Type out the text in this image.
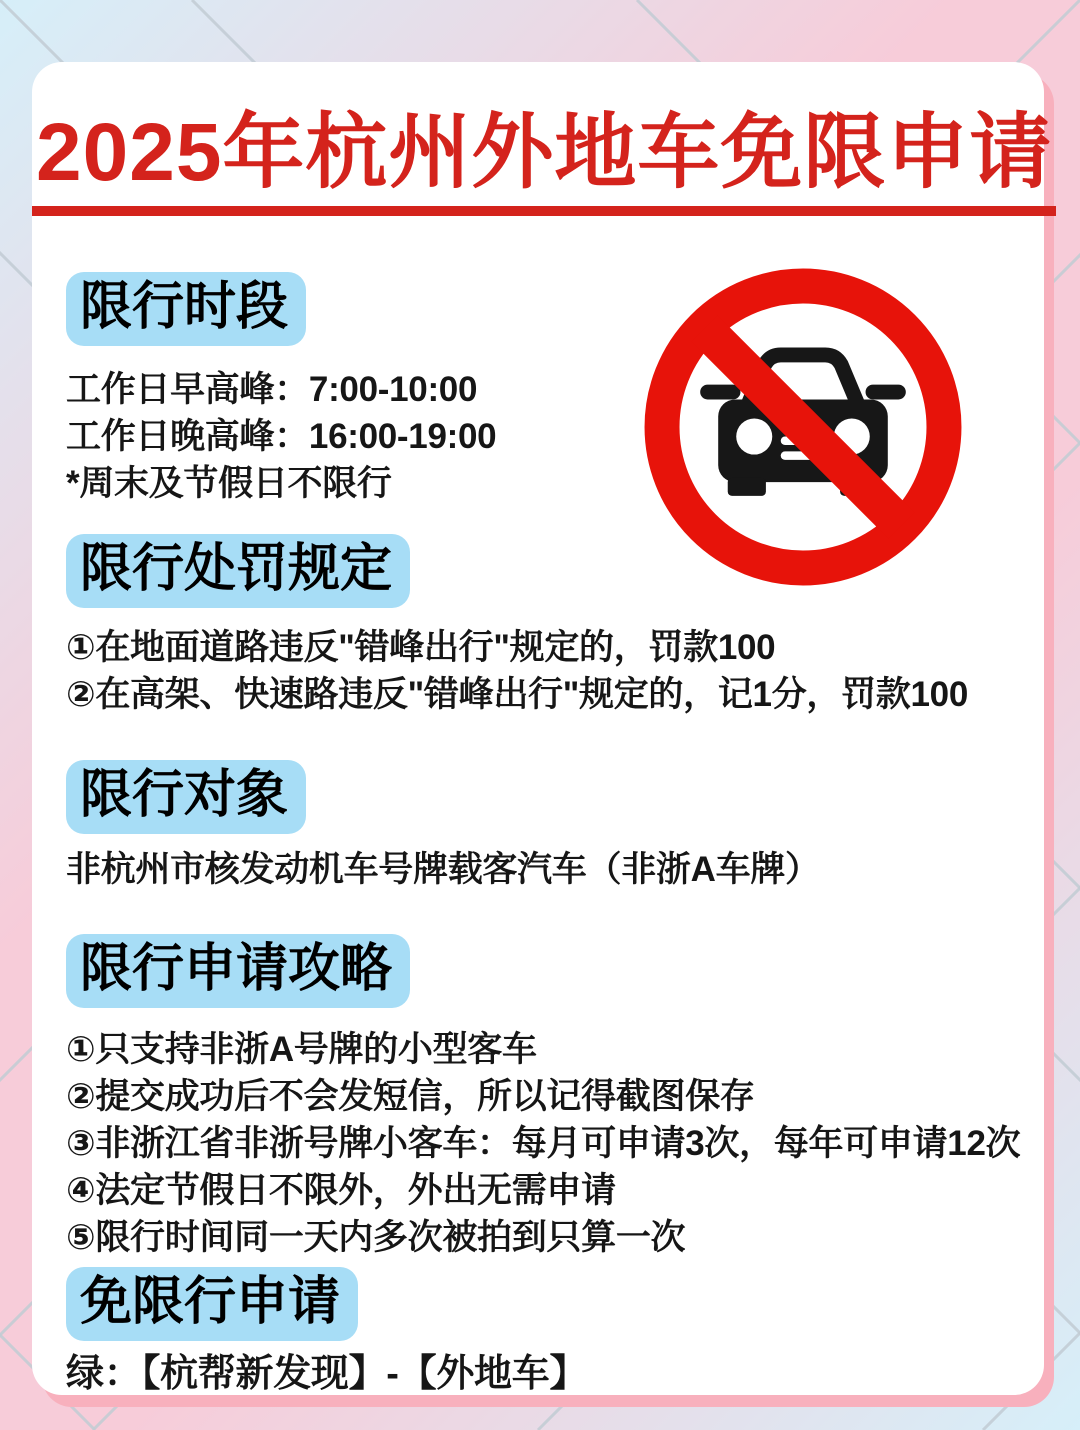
2025年杭州外地车免限申请
限行时段
工作日早高峰：7:00-10:00
工作日晚高峰：16:00-19:00
*周末及节假日不限行
限行处罚规定
①在地面道路违反"错峰出行"规定的，罚款100
②在高架、快速路违反"错峰出行"规定的，记1分，罚款100
限行对象
非杭州市核发动机车号牌载客汽车（非浙A车牌）
限行申请攻略
①只支持非浙A号牌的小型客车
②提交成功后不会发短信，所以记得截图保存
③非浙江省非浙号牌小客车：每月可申请3次，每年可申请12次
④法定节假日不限外，外出无需申请
⑤限行时间同一天内多次被拍到只算一次
免限行申请
绿：【杭帮新发现】-【外地车】
